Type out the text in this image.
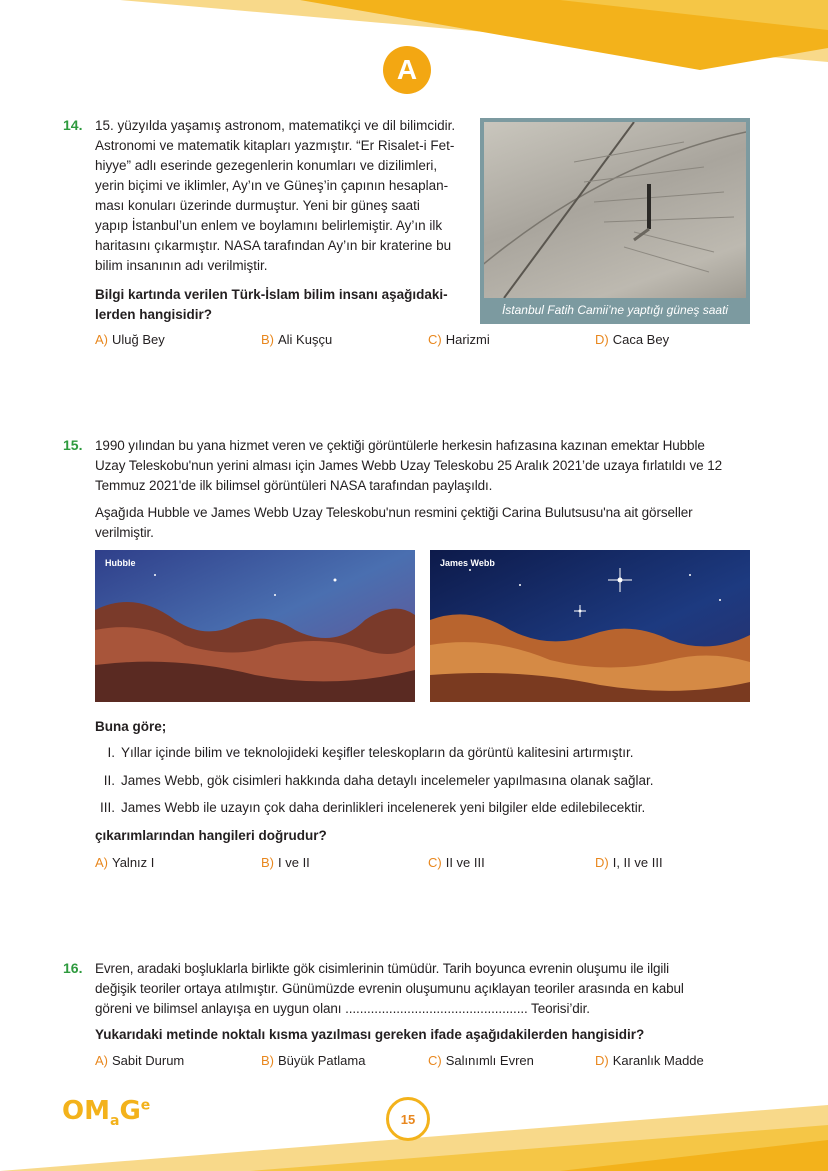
A
14. 15. yüzyılda yaşamış astronom, matematikçi ve dil bilimcidir.
Astronomi ve matematik kitapları yazmıştır. “Er Risalet-i Fet-
hiyye” adlı eserinde gezegenlerin konumları ve dizilimleri,
yerin biçimi ve iklimler, Ay’ın ve Güneş’in çapının hesaplan-
ması konuları üzerinde durmuştur. Yeni bir güneş saati
yapıp İstanbul’un enlem ve boylamını belirlemiştir. Ay’ın ilk
haritasını çıkarmıştır. NASA tarafından Ay’ın bir kraterine bu
bilim insanının adı verilmiştir.
Bilgi kartında verilen Türk-İslam bilim insanı aşağıdaki-
lerden hangisidir?	İstanbul Fatih Camii’ne yaptığı güneş saati
A) Uluğ Bey	B) Ali Kuşçu	C) Harizmi	D) Caca Bey
15. 1990 yılından bu yana hizmet veren ve çektiği görüntülerle herkesin hafızasına kazınan emektar Hubble
Uzay Teleskobu'nun yerini alması için James Webb Uzay Teleskobu 25 Aralık 2021’de uzaya fırlatıldı ve 12
Temmuz 2021'de ilk bilimsel görüntüleri NASA tarafından paylaşıldı.
Aşağıda Hubble ve James Webb Uzay Teleskobu'nun resmini çektiği Carina Bulutsusu'na ait görseller
verilmiştir.
Hubble	James Webb
Buna göre;
I. Yıllar içinde bilim ve teknolojideki keşifler teleskopların da görüntü kalitesini artırmıştır.
II. James Webb, gök cisimleri hakkında daha detaylı incelemeler yapılmasına olanak sağlar.
III. James Webb ile uzayın çok daha derinlikleri incelenerek yeni bilgiler elde edilebilecektir.
çıkarımlarından hangileri doğrudur?
A) Yalnız I	B) I ve II	C) II ve III	D) I, II ve III
16. Evren, aradaki boşluklarla birlikte gök cisimlerinin tümüdür. Tarih boyunca evrenin oluşumu ile ilgili
değişik teoriler ortaya atılmıştır. Günümüzde evrenin oluşumunu açıklayan teoriler arasında en kabul
göreni ve bilimsel anlayışa en uygun olanı .................................................. Teorisi’dir.
Yukarıdaki metinde noktalı kısma yazılması gereken ifade aşağıdakilerden hangisidir?
A) Sabit Durum	B) Büyük Patlama	C) Salınımlı Evren	D) Karanlık Madde
$OM_aG^e$
15
